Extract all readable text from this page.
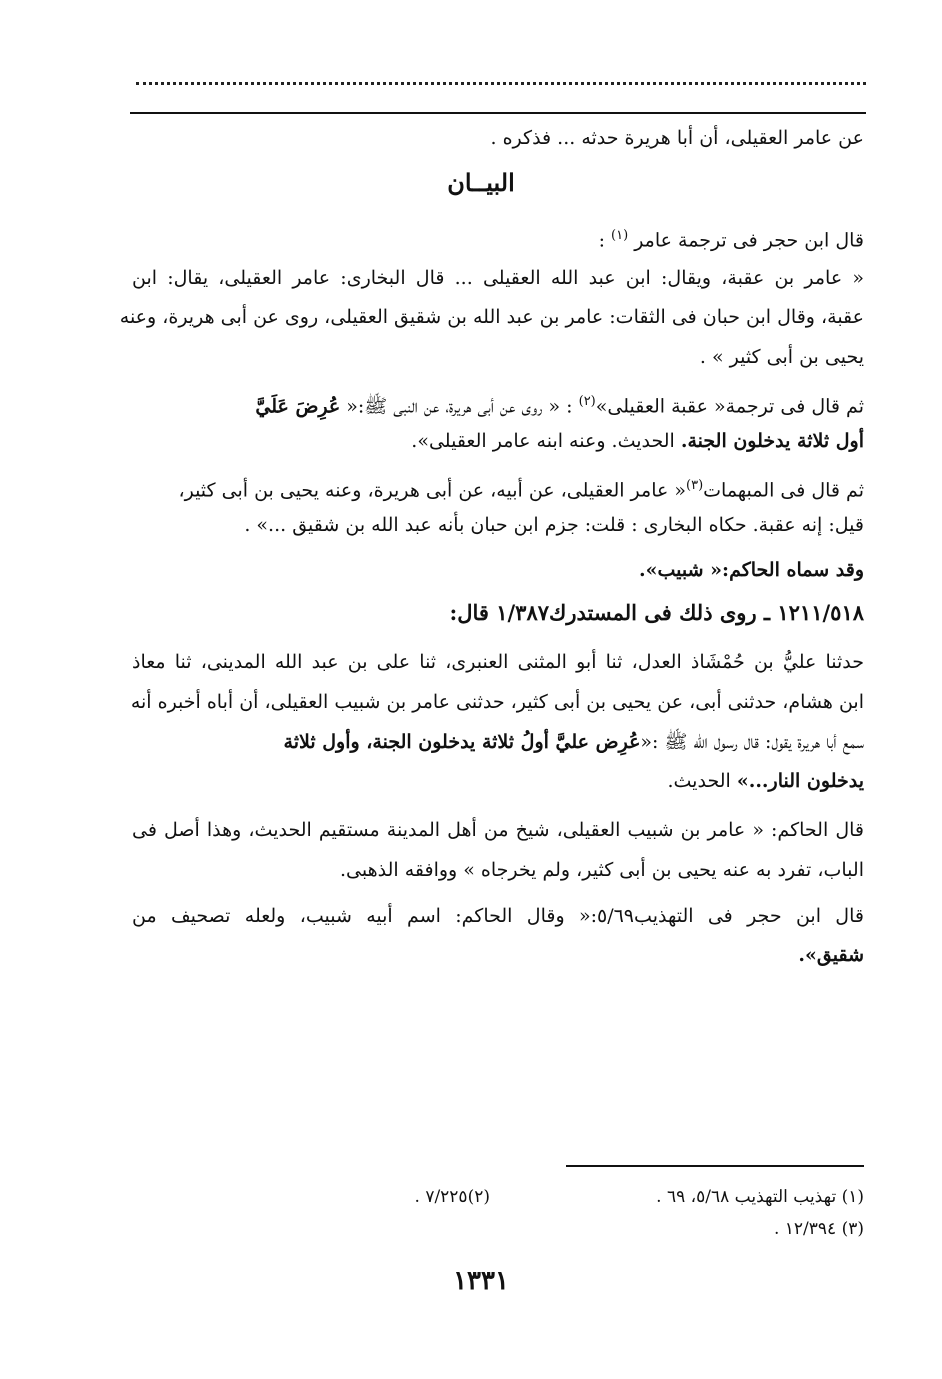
عن عامر العقيلى، أن أبا هريرة حدثه ... فذكره .
البيــان
قال ابن حجر فى ترجمة عامر $^{(١)}$ :
« عامر بن عقبة، ويقال: ابن عبد الله العقيلى ... قال البخارى: عامر العقيلى، يقال: ابن
عقبة، وقال ابن حبان فى الثقات: عامر بن عبد الله بن شقيق العقيلى، روى عن أبى هريرة، وعنه
يحيى بن أبى كثير » .
ثم قال فى ترجمة« عقبة العقيلى»$^{(٢)}$ : « روى عن أبى هريرة، عن النبى ﷺ:« عُرِضَ عَلَيَّ
أول ثلاثة يدخلون الجنة. الحديث. وعنه ابنه عامر العقيلى».
ثم قال فى المبهمات$^{(٣)}$« عامر العقيلى، عن أبيه، عن أبى هريرة، وعنه يحيى بن أبى كثير،
قيل: إنه عقبة. حكاه البخارى : قلت: جزم ابن حبان بأنه عبد الله بن شقيق ...» .
وقد سماه الحاكم:« شبيب».
١٢١١/٥١٨ ـ روى ذلك فى المستدرك١/٣٨٧ قال:
حدثنا عليُّ بن حُمْشَاذ العدل، ثنا أبو المثنى العنبرى، ثنا على بن عبد الله المدينى، ثنا معاذ
ابن هشام، حدثنى أبى، عن يحيى بن أبى كثير، حدثنى عامر بن شبيب العقيلى، أن أباه أخبره أنه
سمع أبا هريرة يقول: قال رسول الله ﷺ :«عُرِض عليَّ أولُ ثلاثة يدخلون الجنة، وأول ثلاثة
يدخلون النار...» الحديث.
قال الحاكم: « عامر بن شبيب العقيلى، شيخ من أهل المدينة مستقيم الحديث، وهذا أصل فى
الباب، تفرد به عنه يحيى بن أبى كثير، ولم يخرجاه » ووافقه الذهبى.
قال ابن حجر فى التهذيب٥/٦٩:« وقال الحاكم: اسم أبيه شبيب، ولعله تصحيف من
شقيق».
(١) تهذيب التهذيب ٥/٦٨، ٦٩ .
(٢)٧/٢٢٥ .
(٣) ١٢/٣٩٤ .
١٣٣١
